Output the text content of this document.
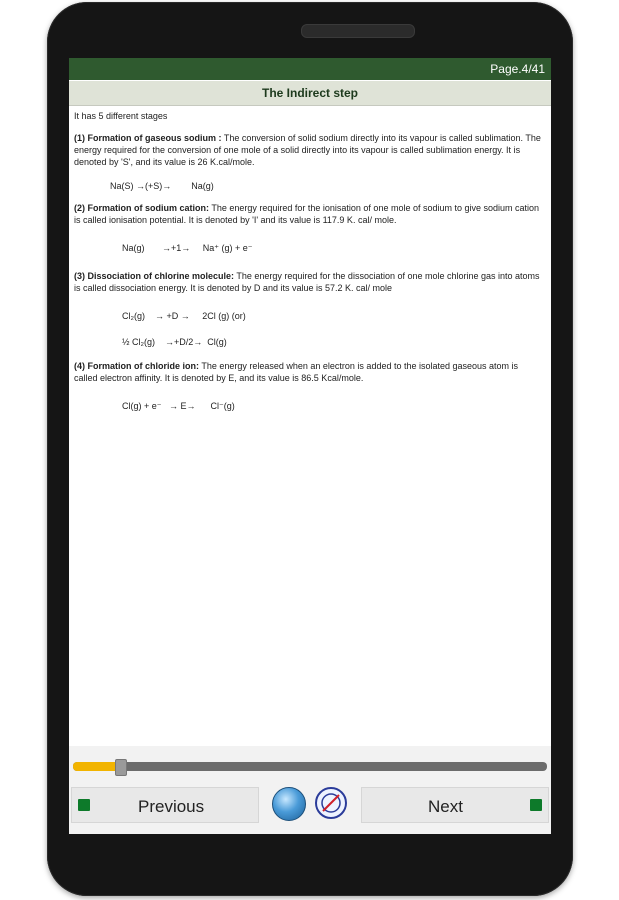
Page.4/41
The Indirect step

It has 5 different stages

(1) Formation of gaseous sodium : The conversion of solid sodium directly into its vapour is called sublimation. The energy required for the conversion of one mole of a solid directly into its vapour is called sublimation energy. It is denoted by 'S', and its value is 26 K.cal/mole.

Na(S) →(+S)→        Na(g)

(2) Formation of sodium cation: The energy required for the ionisation of one mole of sodium to give sodium cation is called ionisation potential. It is denoted by 'I' and its value is 117.9 K. cal/ mole.

Na(g)       →+1→     Na⁺ (g) + e⁻

(3) Dissociation of chlorine molecule: The energy required for the dissociation of one mole chlorine gas into atoms is called dissociation energy. It is denoted by D and its value is 57.2 K. cal/ mole

Cl₂(g)    → +D →     2Cl (g) (or)
½ Cl₂(g)    →+D/2→  Cl(g)

(4) Formation of chloride ion: The energy released when an electron is added to the isolated gaseous atom is called electron affinity. It is denoted by E, and its value is 86.5 Kcal/mole.

Cl(g) + e⁻   → E→      Cl⁻(g)
Previous	Next
